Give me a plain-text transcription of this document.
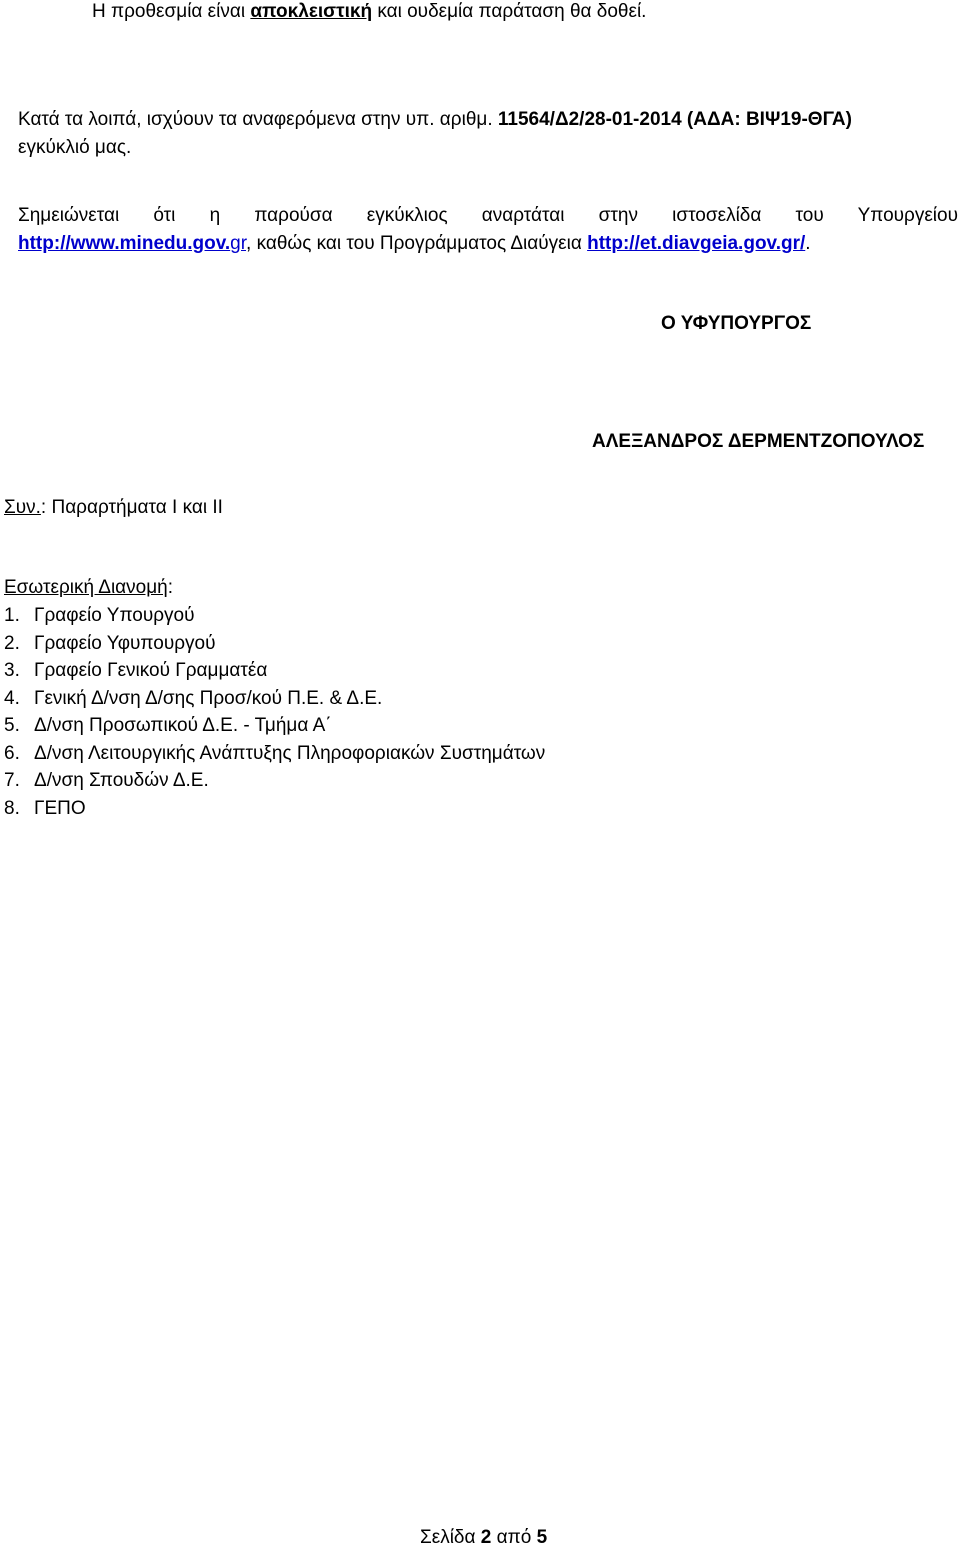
Η προθεσμία είναι αποκλειστική και ουδεμία παράταση θα δοθεί.
Κατά τα λοιπά, ισχύουν τα αναφερόμενα στην υπ. αριθμ. 11564/Δ2/28-01-2014 (ΑΔΑ: ΒΙΨ19-ΘΓΑ)
εγκύκλιό μας.
Σημειώνεται ότι η παρούσα εγκύκλιος αναρτάται στην ιστοσελίδα του Υπουργείου
http://www.minedu.gov.gr, καθώς και του Προγράμματος Διαύγεια http://et.diavgeia.gov.gr/.
Ο ΥΦΥΠΟΥΡΓΟΣ
ΑΛΕΞΑΝΔΡΟΣ ΔΕΡΜΕΝΤΖΟΠΟΥΛΟΣ
Συν.: Παραρτήματα Ι και ΙΙ
Εσωτερική Διανομή:
1. Γραφείο Υπουργού
2. Γραφείο Υφυπουργού
3. Γραφείο Γενικού Γραμματέα
4. Γενική Δ/νση Δ/σης Προσ/κού Π.Ε. & Δ.Ε.
5. Δ/νση Προσωπικού Δ.Ε. - Τμήμα Α΄
6. Δ/νση Λειτουργικής Ανάπτυξης Πληροφοριακών Συστημάτων
7. Δ/νση Σπουδών Δ.Ε.
8. ΓΕΠΟ
Σελίδα 2 από 5
